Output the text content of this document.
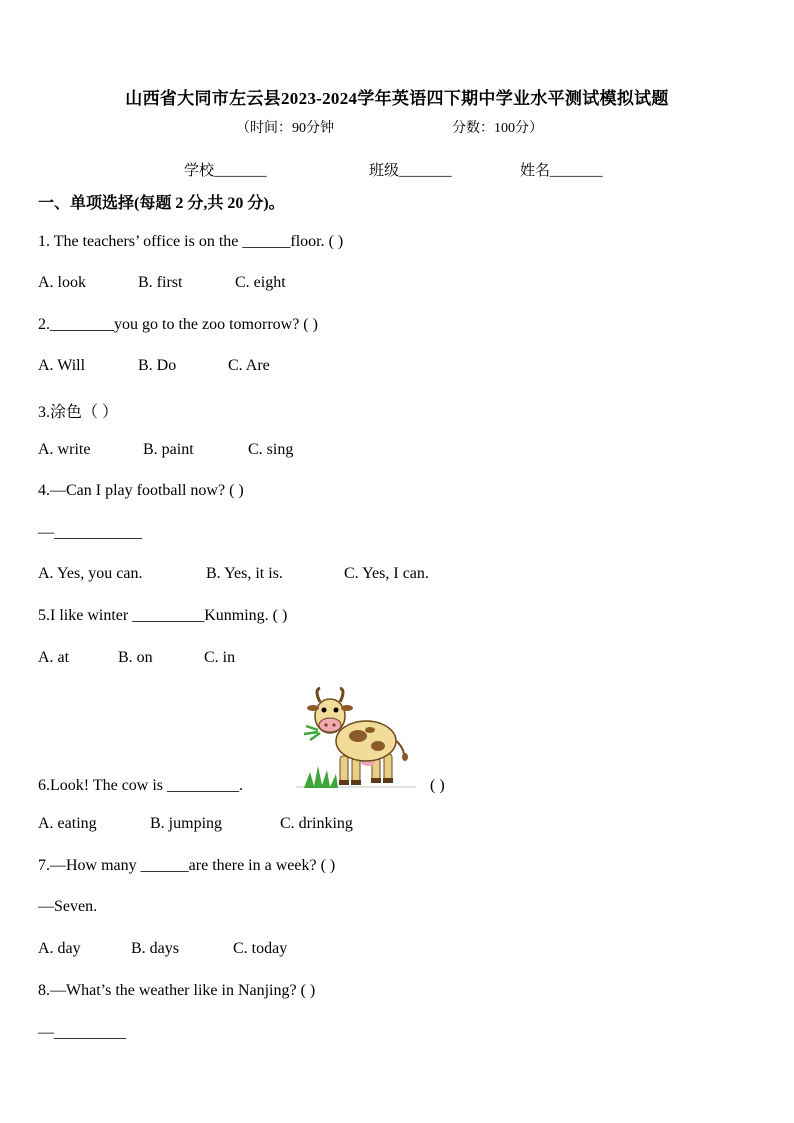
山西省大同市左云县2023-2024学年英语四下期中学业水平测试模拟试题
（时间：90分钟	分数：100分）
学校_______	班级_______	姓名_______
一、单项选择(每题 2 分,共 20 分)。
1. The teachers’ office is on the ______floor. ( )
A. look	B. first	C. eight
2.________you go to the zoo tomorrow? ( )
A. Will	B. Do	C. Are
3.涂色（ ）
A. write	B. paint	C. sing
4.—Can I play football now? ( )
—___________
A. Yes, you can.	B. Yes, it is.	C. Yes, I can.
5.I like winter _________Kunming. ( )
A. at	B. on	C. in
6.Look! The cow is _________.	( )
A. eating	B. jumping	C. drinking
7.—How many ______are there in a week? ( )
—Seven.
A. day	B. days	C. today
8.—What’s the weather like in Nanjing? ( )
—_________
